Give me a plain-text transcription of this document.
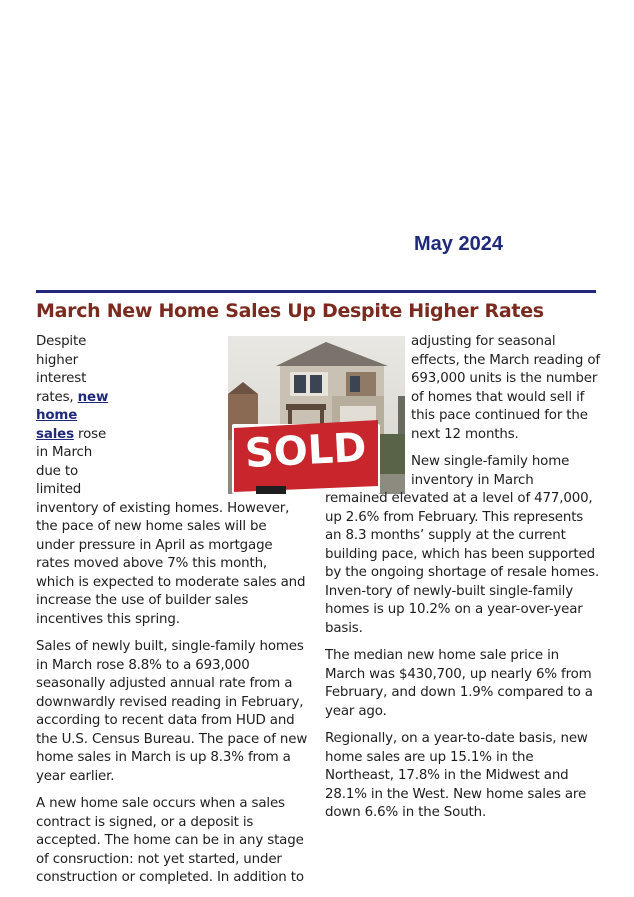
May 2024
March New Home Sales Up Despite Higher Rates

Despite higher interest rates, new home sales rose in March due to limited inventory of existing homes. However, the pace of new home sales will be under pressure in April as mortgage rates moved above 7% this month, which is expected to moderate sales and increase the use of builder sales incentives this spring.

Sales of newly built, single-family homes in March rose 8.8% to a 693,000 seasonally adjusted annual rate from a downwardly revised reading in February, according to recent data from HUD and the U.S. Census Bureau. The pace of new home sales in March is up 8.3% from a year earlier.

A new home sale occurs when a sales contract is signed, or a deposit is accepted. The home can be in any stage of consruction: not yet started, under construction or completed. In addition to

SOLD

adjusting for seasonal effects, the March reading of 693,000 units is the number of homes that would sell if this pace continued for the next 12 months.

New single-family home inventory in March remained elevated at a level of 477,000, up 2.6% from February. This represents an 8.3 months’ supply at the current building pace, which has been supported by the ongoing shortage of resale homes. Inven-tory of newly-built single-family homes is up 10.2% on a year-over-year basis.

The median new home sale price in March was $430,700, up nearly 6% from February, and down 1.9% compared to a year ago.

Regionally, on a year-to-date basis, new home sales are up 15.1% in the Northeast, 17.8% in the Midwest and 28.1% in the West. New home sales are down 6.6% in the South.
